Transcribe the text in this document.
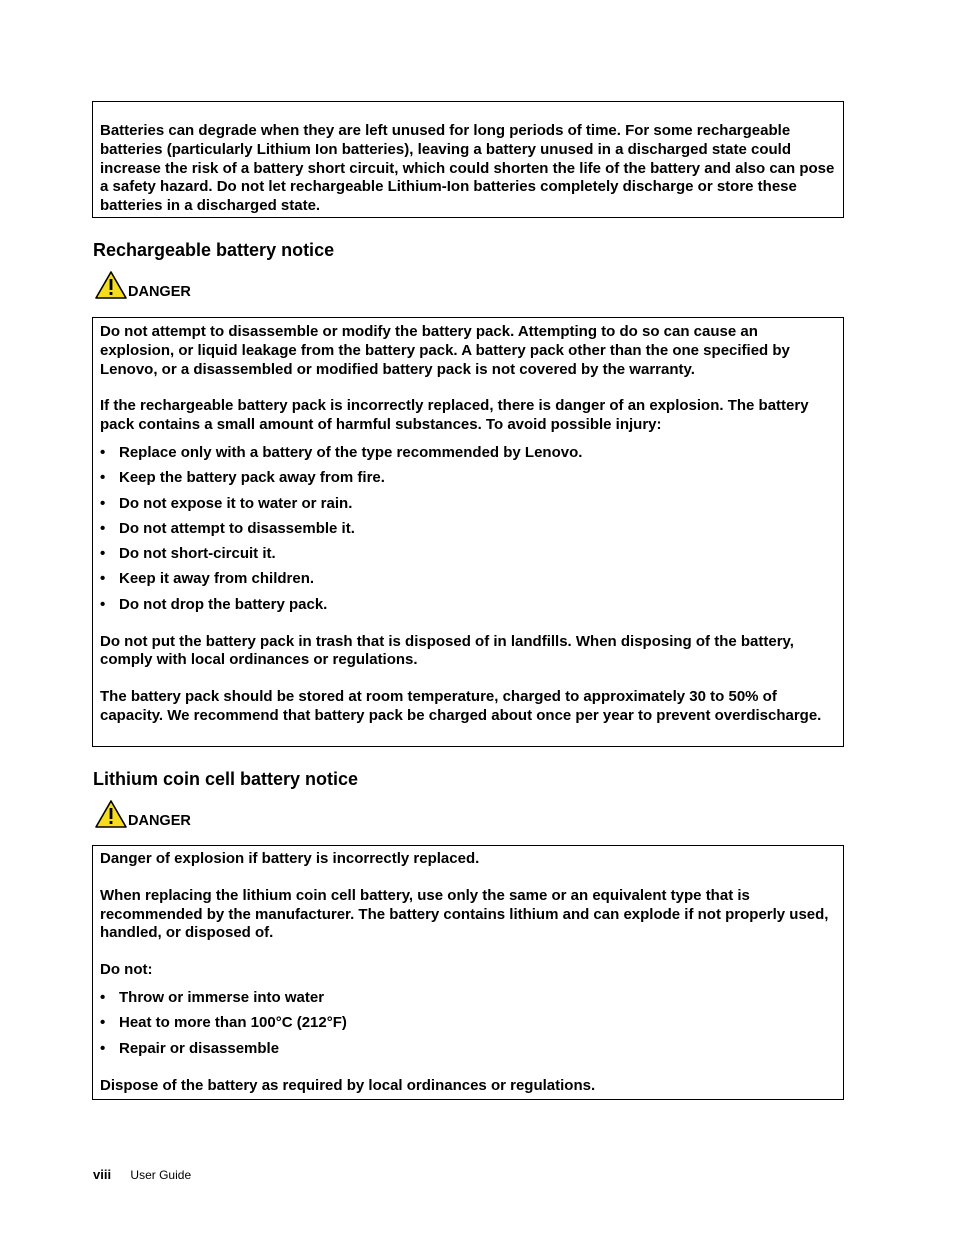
Batteries can degrade when they are left unused for long periods of time. For some rechargeable batteries (particularly Lithium Ion batteries), leaving a battery unused in a discharged state could increase the risk of a battery short circuit, which could shorten the life of the battery and also can pose a safety hazard. Do not let rechargeable Lithium-Ion batteries completely discharge or store these batteries in a discharged state.

Rechargeable battery notice
DANGER

Do not attempt to disassemble or modify the battery pack. Attempting to do so can cause an explosion, or liquid leakage from the battery pack. A battery pack other than the one specified by Lenovo, or a disassembled or modified battery pack is not covered by the warranty.

If the rechargeable battery pack is incorrectly replaced, there is danger of an explosion. The battery pack contains a small amount of harmful substances. To avoid possible injury:

• Replace only with a battery of the type recommended by Lenovo.
• Keep the battery pack away from fire.
• Do not expose it to water or rain.
• Do not attempt to disassemble it.
• Do not short-circuit it.
• Keep it away from children.
• Do not drop the battery pack.

Do not put the battery pack in trash that is disposed of in landfills. When disposing of the battery, comply with local ordinances or regulations.

The battery pack should be stored at room temperature, charged to approximately 30 to 50% of capacity. We recommend that battery pack be charged about once per year to prevent overdischarge.

Lithium coin cell battery notice
DANGER

Danger of explosion if battery is incorrectly replaced.

When replacing the lithium coin cell battery, use only the same or an equivalent type that is recommended by the manufacturer. The battery contains lithium and can explode if not properly used, handled, or disposed of.

Do not:

• Throw or immerse into water
• Heat to more than 100°C (212°F)
• Repair or disassemble

Dispose of the battery as required by local ordinances or regulations.

viii User Guide
